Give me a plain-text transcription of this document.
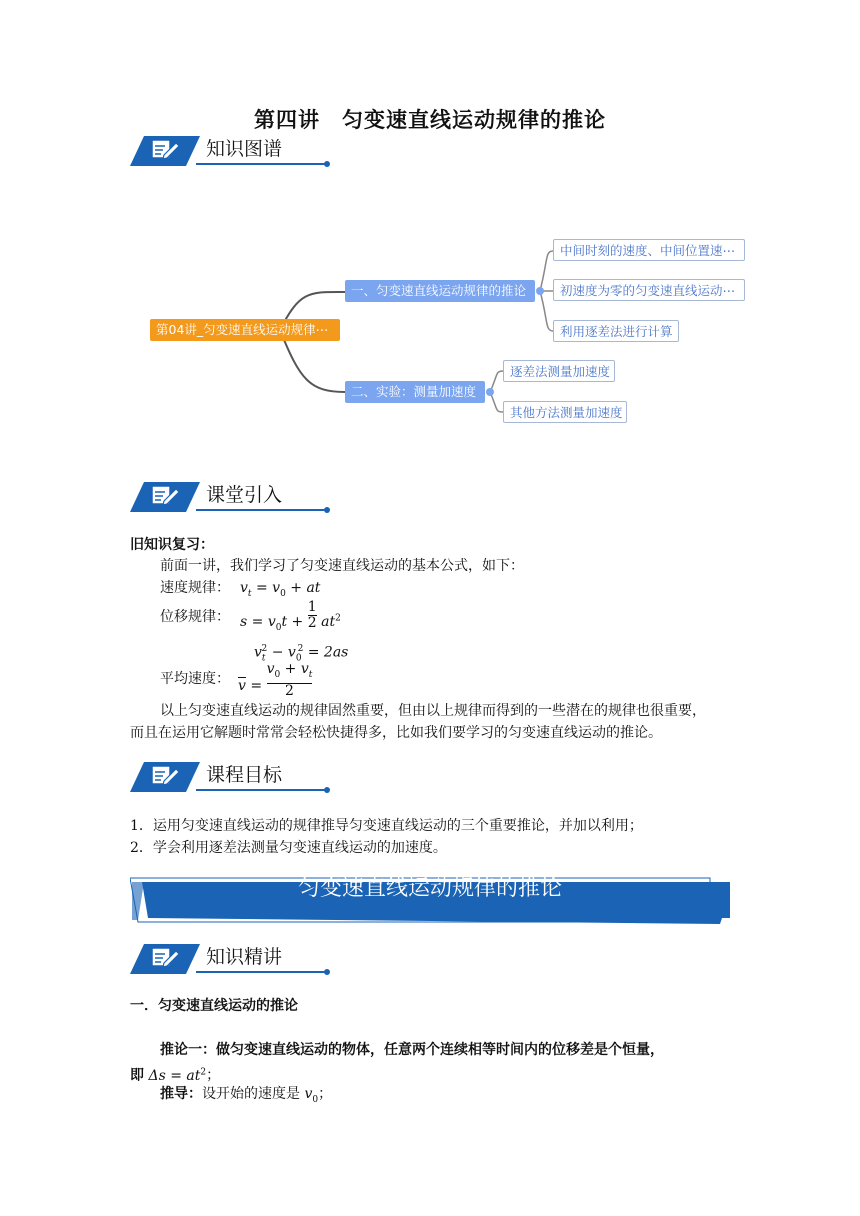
第四讲　匀变速直线运动规律的推论
知识图谱
第04讲_匀变速直线运动规律⋯
一、匀变速直线运动规律的推论
二、实验：测量加速度
中间时刻的速度、中间位置速⋯
初速度为零的匀变速直线运动⋯
利用逐差法进行计算
逐差法测量加速度
其他方法测量加速度
课堂引入
旧知识复习：
前面一讲，我们学习了匀变速直线运动的基本公式，如下：
速度规律： $v_t = v_0$ + at
位移规律： $s = v_0t + 1$

2 $at^2$
$v_t^2 - v_0^2 = 2as$
平均速度： $\overline{v} = v_0 + v_t$

2
以上匀变速直线运动的规律固然重要，但由以上规律而得到的一些潜在的规律也很重要，
而且在运用它解题时常常会轻松快捷得多，比如我们要学习的匀变速直线运动的推论。
课程目标
1．运用匀变速直线运动的规律推导匀变速直线运动的三个重要推论，并加以利用；
2．学会利用逐差法测量匀变速直线运动的加速度。
匀变速直线运动规律的推论
知识精讲
一．匀变速直线运动的推论
推论一：做匀变速直线运动的物体，任意两个连续相等时间内的位移差是个恒量，
即 $\Delta s = at^2$；
推导：设开始的速度是 $v_0$；
